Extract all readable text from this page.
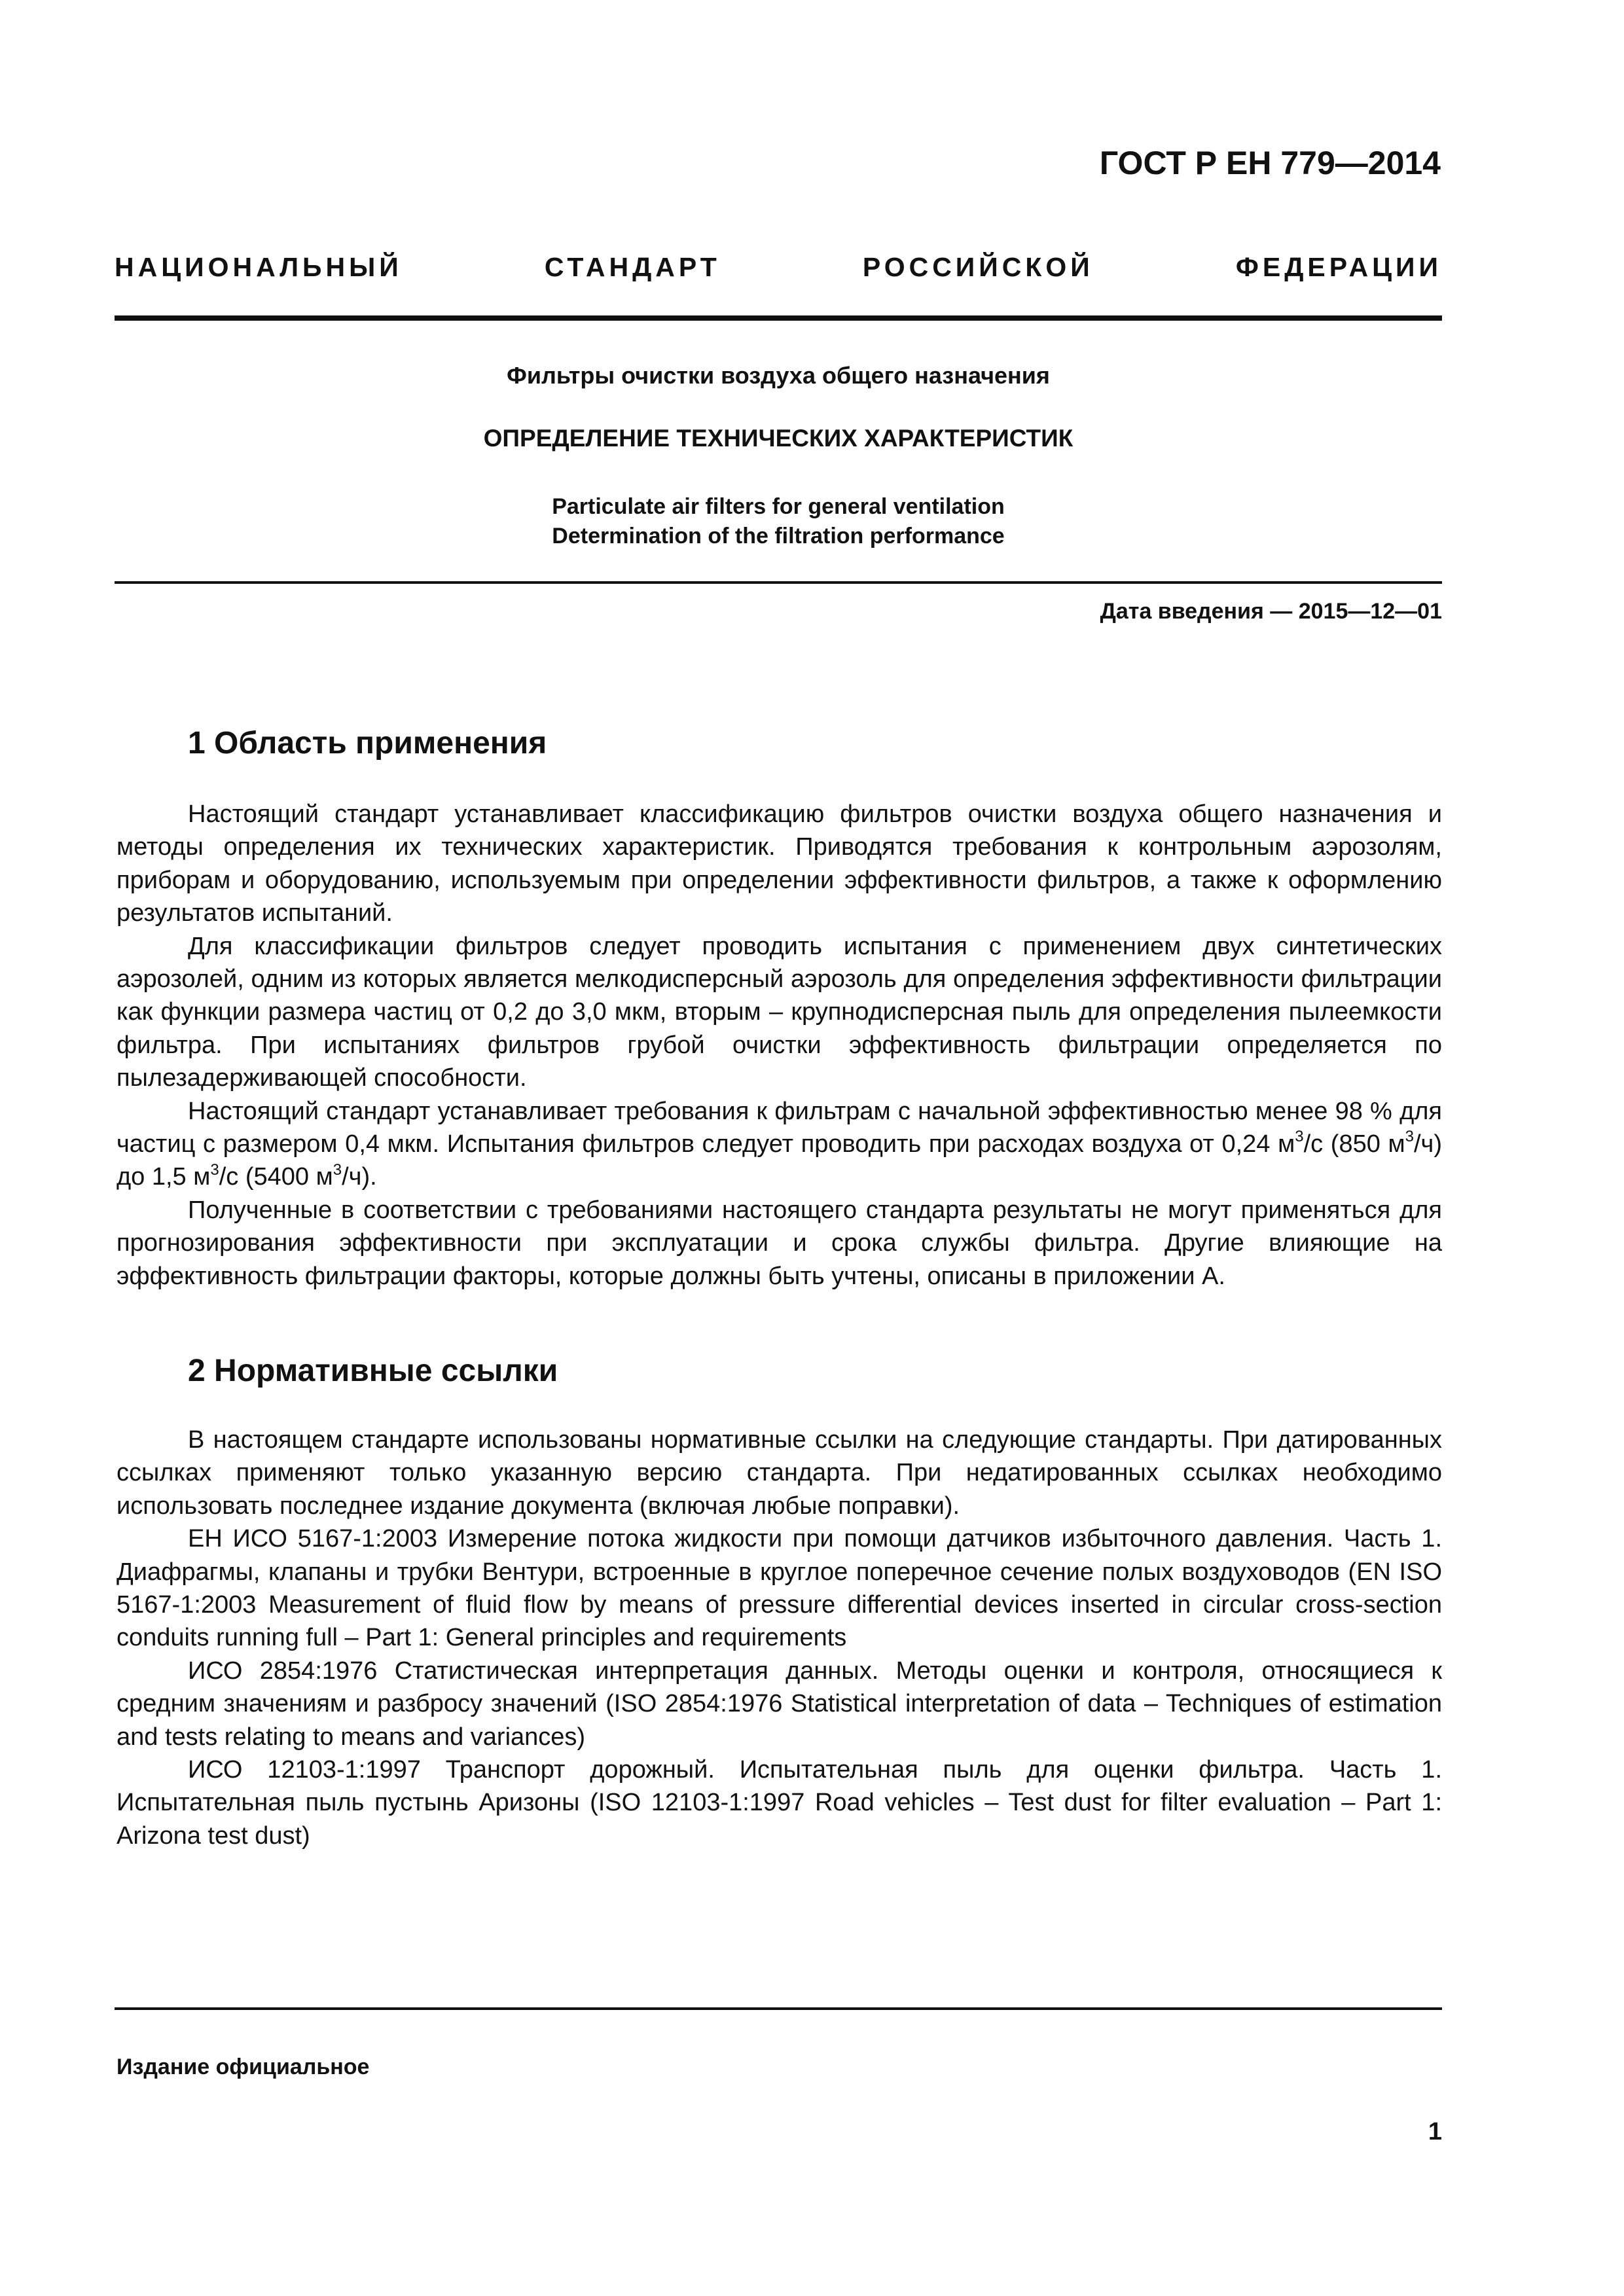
ГОСТ Р ЕН 779—2014
НАЦИОНАЛЬНЫЙ СТАНДАРТ РОССИЙСКОЙ ФЕДЕРАЦИИ
Фильтры очистки воздуха общего назначения
ОПРЕДЕЛЕНИЕ ТЕХНИЧЕСКИХ ХАРАКТЕРИСТИК
Particulate air filters for general ventilation
Determination of the filtration performance
Дата введения — 2015—12—01
1 Область применения

Настоящий стандарт устанавливает классификацию фильтров очистки воздуха общего назначения и методы определения их технических характеристик. Приводятся требования к контрольным аэрозолям, приборам и оборудованию, используемым при определении эффективности фильтров, а также к оформлению результатов испытаний.

Для классификации фильтров следует проводить испытания с применением двух синтетических аэрозолей, одним из которых является мелкодисперсный аэрозоль для определения эффективности фильтрации как функции размера частиц от 0,2 до 3,0 мкм, вторым – крупнодисперсная пыль для определения пылеемкости фильтра. При испытаниях фильтров грубой очистки эффективность фильтрации определяется по пылезадерживающей способности.

Настоящий стандарт устанавливает требования к фильтрам с начальной эффективностью менее 98 % для частиц с размером 0,4 мкм. Испытания фильтров следует проводить при расходах воздуха от 0,24 $м^3/с$ (850 $м^3/ч$) до 1,5 $м^3/с$ (5400 $м^3/ч$).

Полученные в соответствии с требованиями настоящего стандарта результаты не могут применяться для прогнозирования эффективности при эксплуатации и срока службы фильтра. Другие влияющие на эффективность фильтрации факторы, которые должны быть учтены, описаны в приложении А.

2 Нормативные ссылки

В настоящем стандарте использованы нормативные ссылки на следующие стандарты. При датированных ссылках применяют только указанную версию стандарта. При недатированных ссылках необходимо использовать последнее издание документа (включая любые поправки).

ЕН ИСО 5167-1:2003 Измерение потока жидкости при помощи датчиков избыточного давления. Часть 1. Диафрагмы, клапаны и трубки Вентури, встроенные в круглое поперечное сечение полых воздуховодов (EN ISO 5167-1:2003 Measurement of fluid flow by means of pressure differential devices inserted in circular cross-section conduits running full – Part 1: General principles and requirements

ИСО 2854:1976 Статистическая интерпретация данных. Методы оценки и контроля, относящиеся к средним значениям и разбросу значений (ISO 2854:1976 Statistical interpretation of data – Techniques of estimation and tests relating to means and variances)

ИСО 12103-1:1997 Транспорт дорожный. Испытательная пыль для оценки фильтра. Часть 1. Испытательная пыль пустынь Аризоны (ISO 12103-1:1997 Road vehicles – Test dust for filter evaluation – Part 1: Arizona test dust)

Издание официальное
1
